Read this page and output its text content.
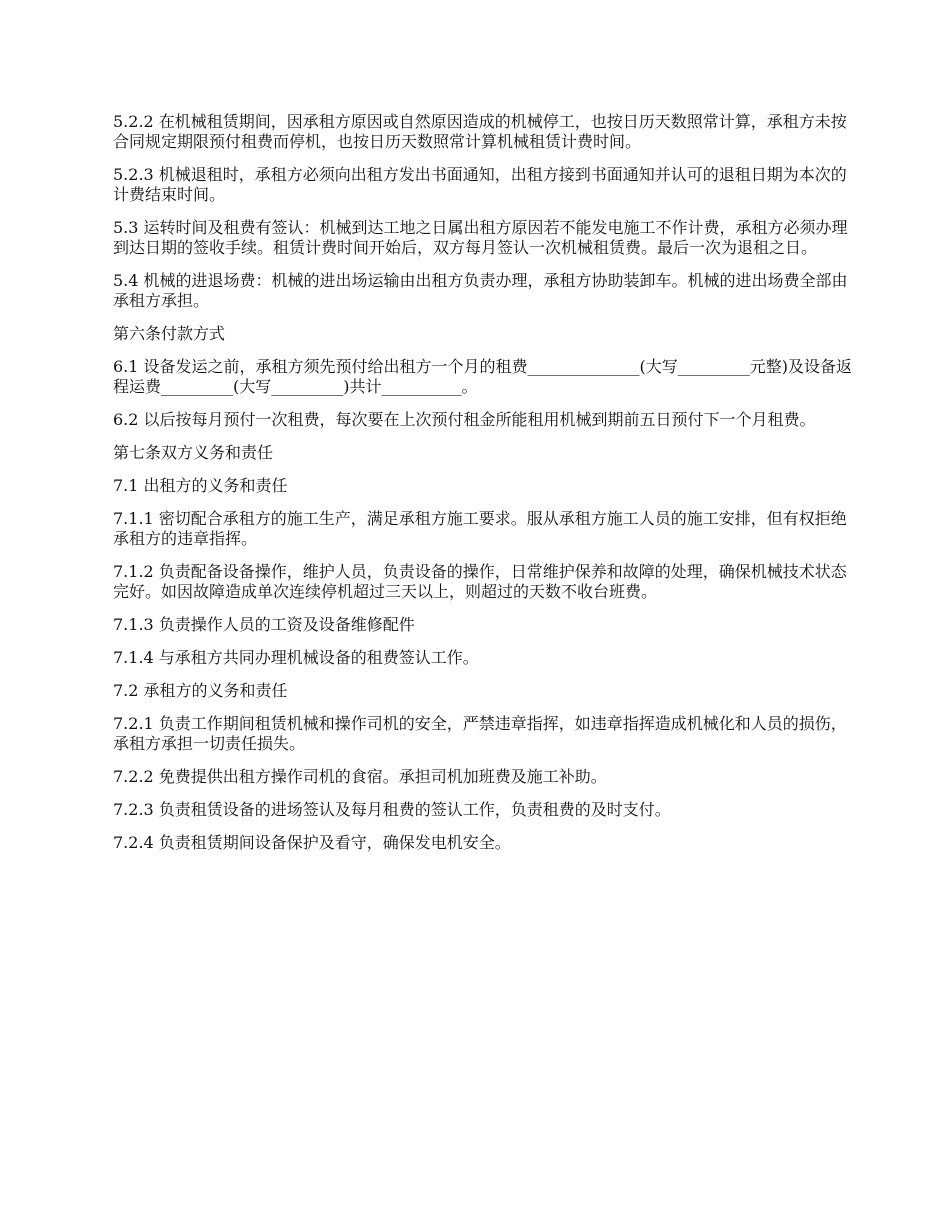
5.2.2 在机械租赁期间，因承租方原因或自然原因造成的机械停工，也按日历天数照常计算，承租方未按合同规定期限预付租费而停机，也按日历天数照常计算机械租赁计费时间。

5.2.3 机械退租时，承租方必须向出租方发出书面通知，出租方接到书面通知并认可的退租日期为本次的计费结束时间。

5.3 运转时间及租费有签认：机械到达工地之日属出租方原因若不能发电施工不作计费，承租方必须办理到达日期的签收手续。租赁计费时间开始后，双方每月签认一次机械租赁费。最后一次为退租之日。

5.4 机械的进退场费：机械的进出场运输由出租方负责办理，承租方协助装卸车。机械的进出场费全部由承租方承担。

第六条付款方式

6.1 设备发运之前，承租方须先预付给出租方一个月的租费______________(大写_________元整)及设备返程运费_________(大写_________)共计__________。

6.2 以后按每月预付一次租费，每次要在上次预付租金所能租用机械到期前五日预付下一个月租费。

第七条双方义务和责任

7.1 出租方的义务和责任

7.1.1 密切配合承租方的施工生产，满足承租方施工要求。服从承租方施工人员的施工安排，但有权拒绝承租方的违章指挥。

7.1.2 负责配备设备操作，维护人员，负责设备的操作，日常维护保养和故障的处理，确保机械技术状态完好。如因故障造成单次连续停机超过三天以上，则超过的天数不收台班费。

7.1.3 负责操作人员的工资及设备维修配件

7.1.4 与承租方共同办理机械设备的租费签认工作。

7.2 承租方的义务和责任

7.2.1 负责工作期间租赁机械和操作司机的安全，严禁违章指挥，如违章指挥造成机械化和人员的损伤，承租方承担一切责任损失。

7.2.2 免费提供出租方操作司机的食宿。承担司机加班费及施工补助。

7.2.3 负责租赁设备的进场签认及每月租费的签认工作，负责租费的及时支付。

7.2.4 负责租赁期间设备保护及看守，确保发电机安全。
